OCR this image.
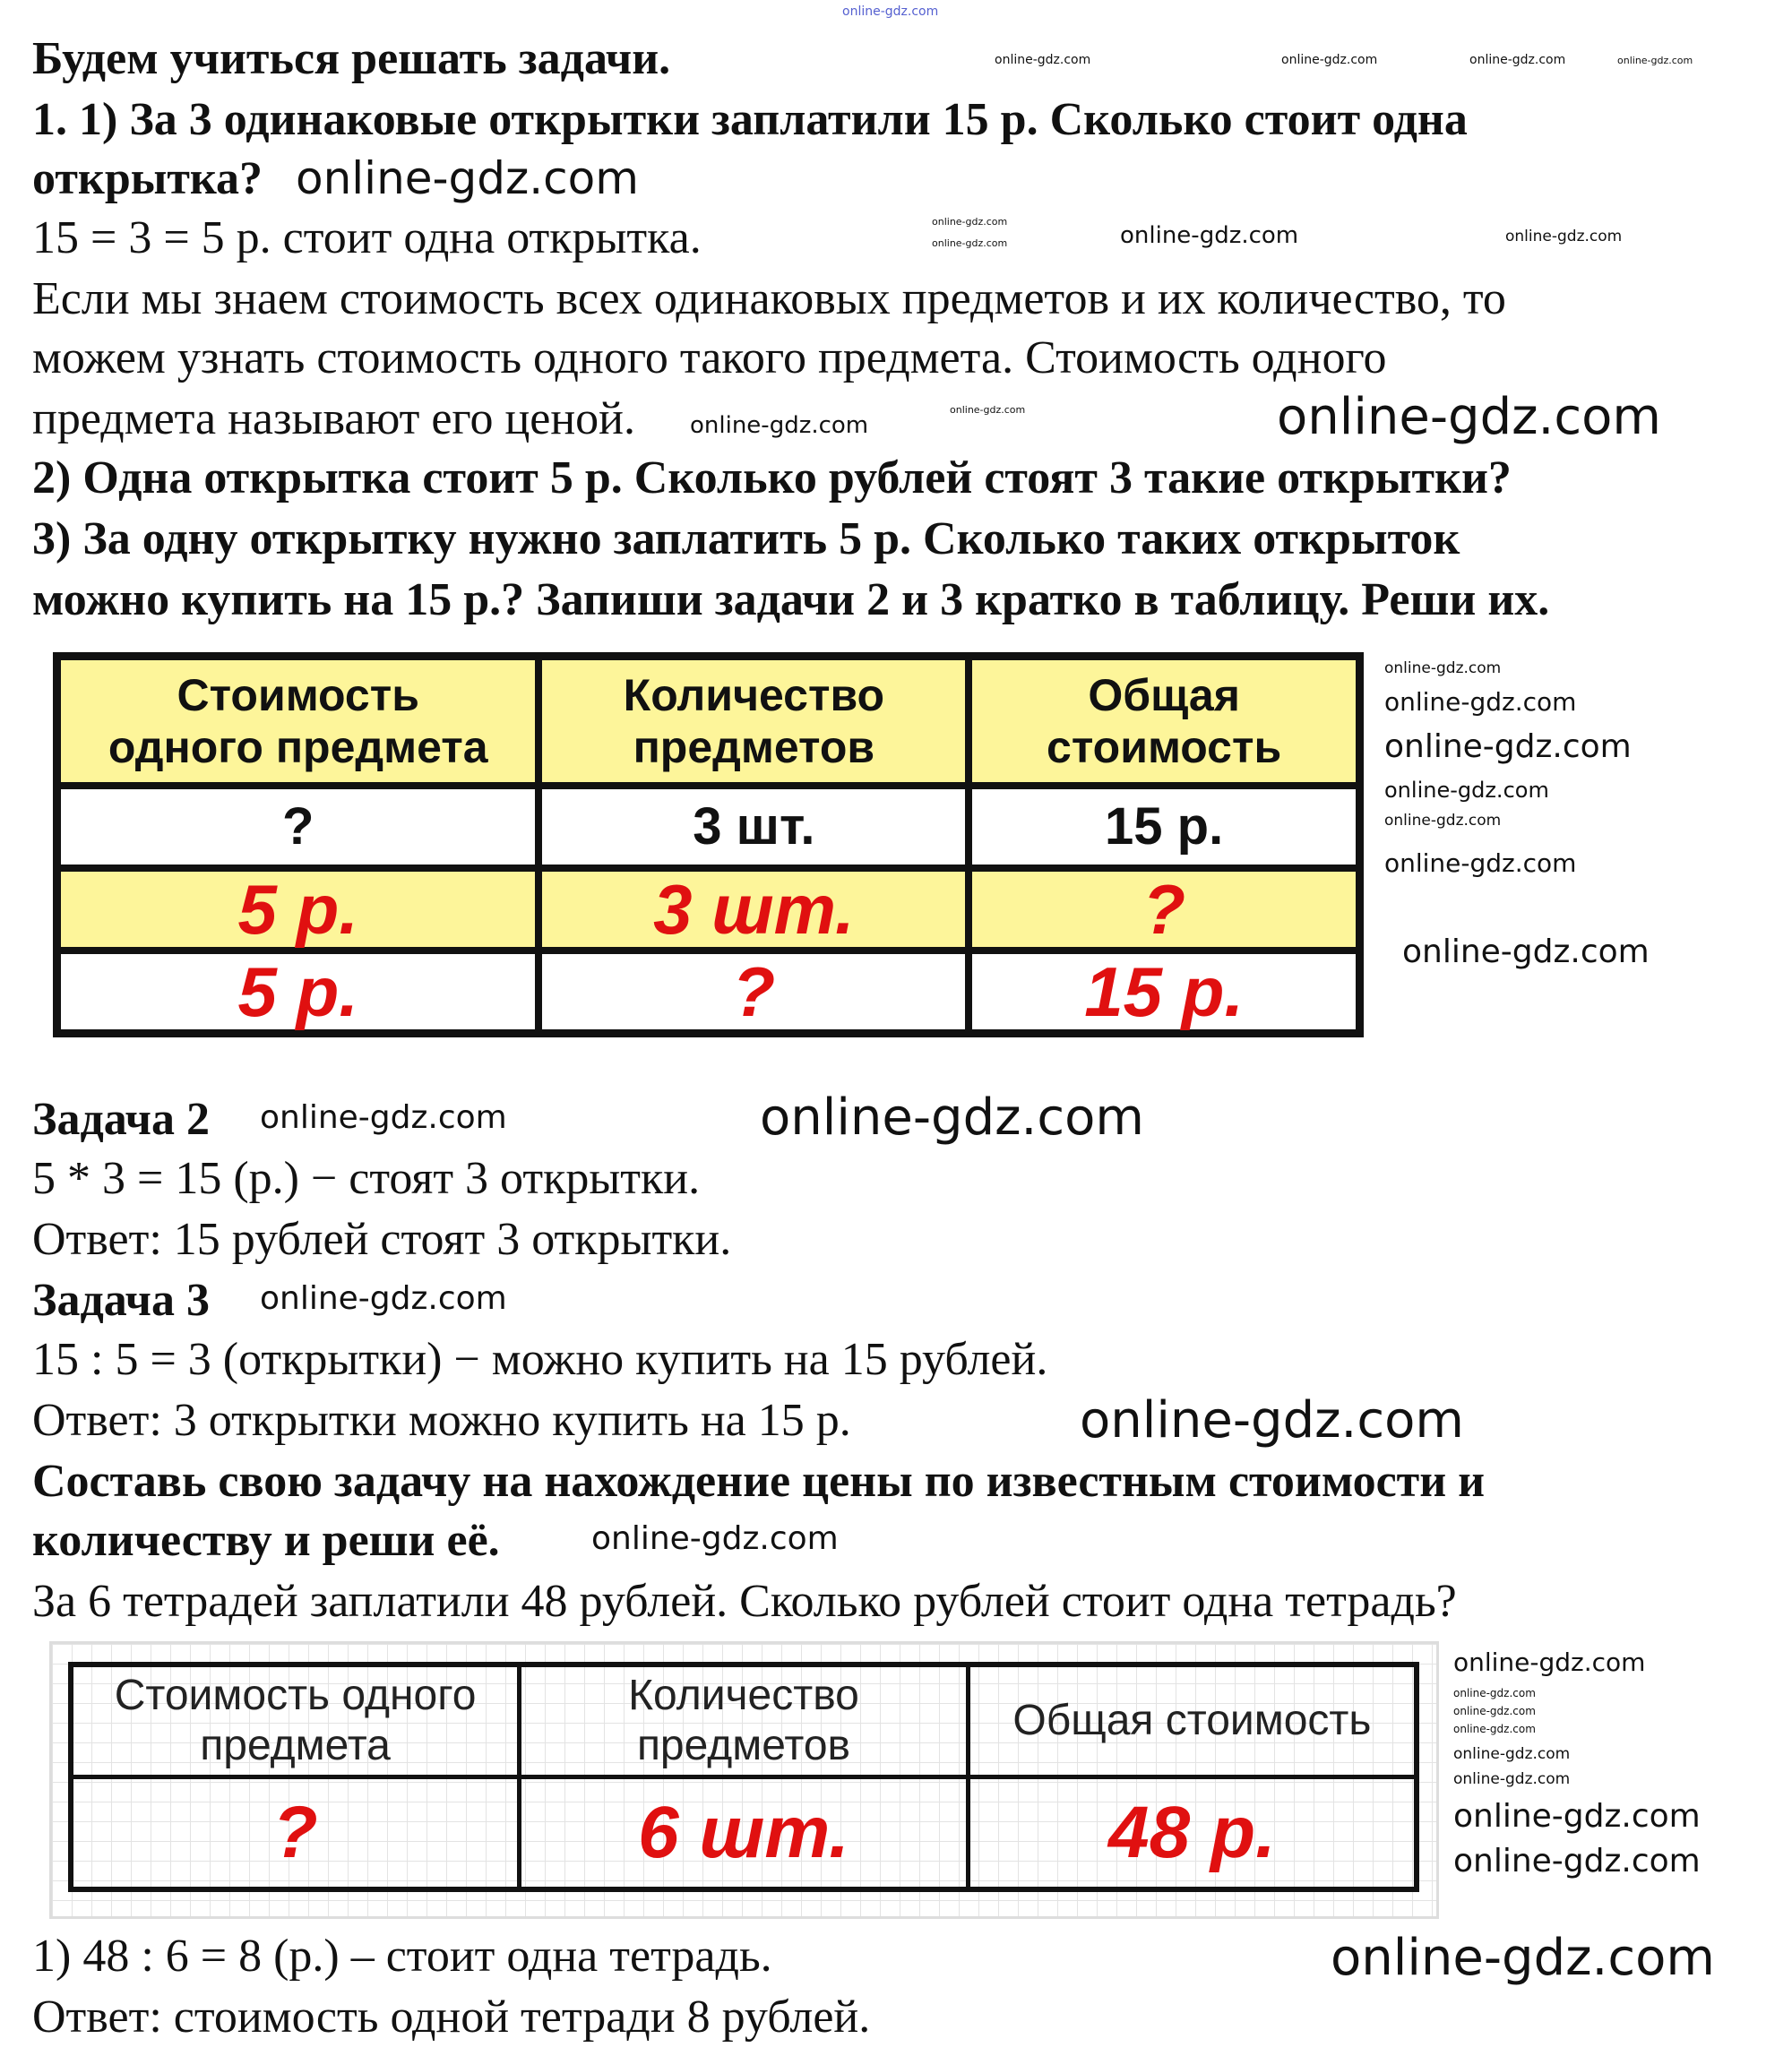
Будем учиться решать задачи.
1. 1) За 3 одинаковые открытки заплатили 15 р. Сколько стоит одна
открытка?
15 = 3 = 5 р. стоит одна открытка.
Если мы знаем стоимость всех одинаковых предметов и их количество, то
можем узнать стоимость одного такого предмета. Стоимость одного
предмета называют его ценой.
2) Одна открытка стоит 5 р. Сколько рублей стоят 3 такие открытки?
3) За одну открытку нужно заплатить 5 р. Сколько таких открыток
можно купить на 15 р.? Запиши задачи 2 и 3 кратко в таблицу. Реши их.
Стоимость
одного предмета	Количество
предметов	Общая
стоимость
?	3 шт.	15 р.
5 р.	3 шт.	?
5 р.	?	15 р.
Задача 2
5 * 3 = 15 (р.) − стоят 3 открытки.
Ответ: 15 рублей стоят 3 открытки.
Задача 3
15 : 5 = 3 (открытки) − можно купить на 15 рублей.
Ответ: 3 открытки можно купить на 15 р.
Составь свою задачу на нахождение цены по известным стоимости и
количеству и реши её.
За 6 тетрадей заплатили 48 рублей. Сколько рублей стоит одна тетрадь?
Стоимость одного
предмета	Количество
предметов	Общая стоимость
?	6 шт.	48 р.
1) 48 : 6 = 8 (р.) – стоит одна тетрадь.
Ответ: стоимость одной тетради 8 рублей.
online-gdz.com
online-gdz.com	online-gdz.com	online-gdz.com	online-gdz.com
online-gdz.com
online-gdz.com
online-gdz.com
online-gdz.com	online-gdz.com
online-gdz.com	online-gdz.com
online-gdz.com
online-gdz.com
online-gdz.com
online-gdz.com
online-gdz.com
online-gdz.com
online-gdz.com
online-gdz.com
online-gdz.com
online-gdz.com
online-gdz.com
online-gdz.com
online-gdz.com
online-gdz.com
online-gdz.com
online-gdz.com
online-gdz.com
online-gdz.com
online-gdz.com
online-gdz.com
online-gdz.com
online-gdz.com
